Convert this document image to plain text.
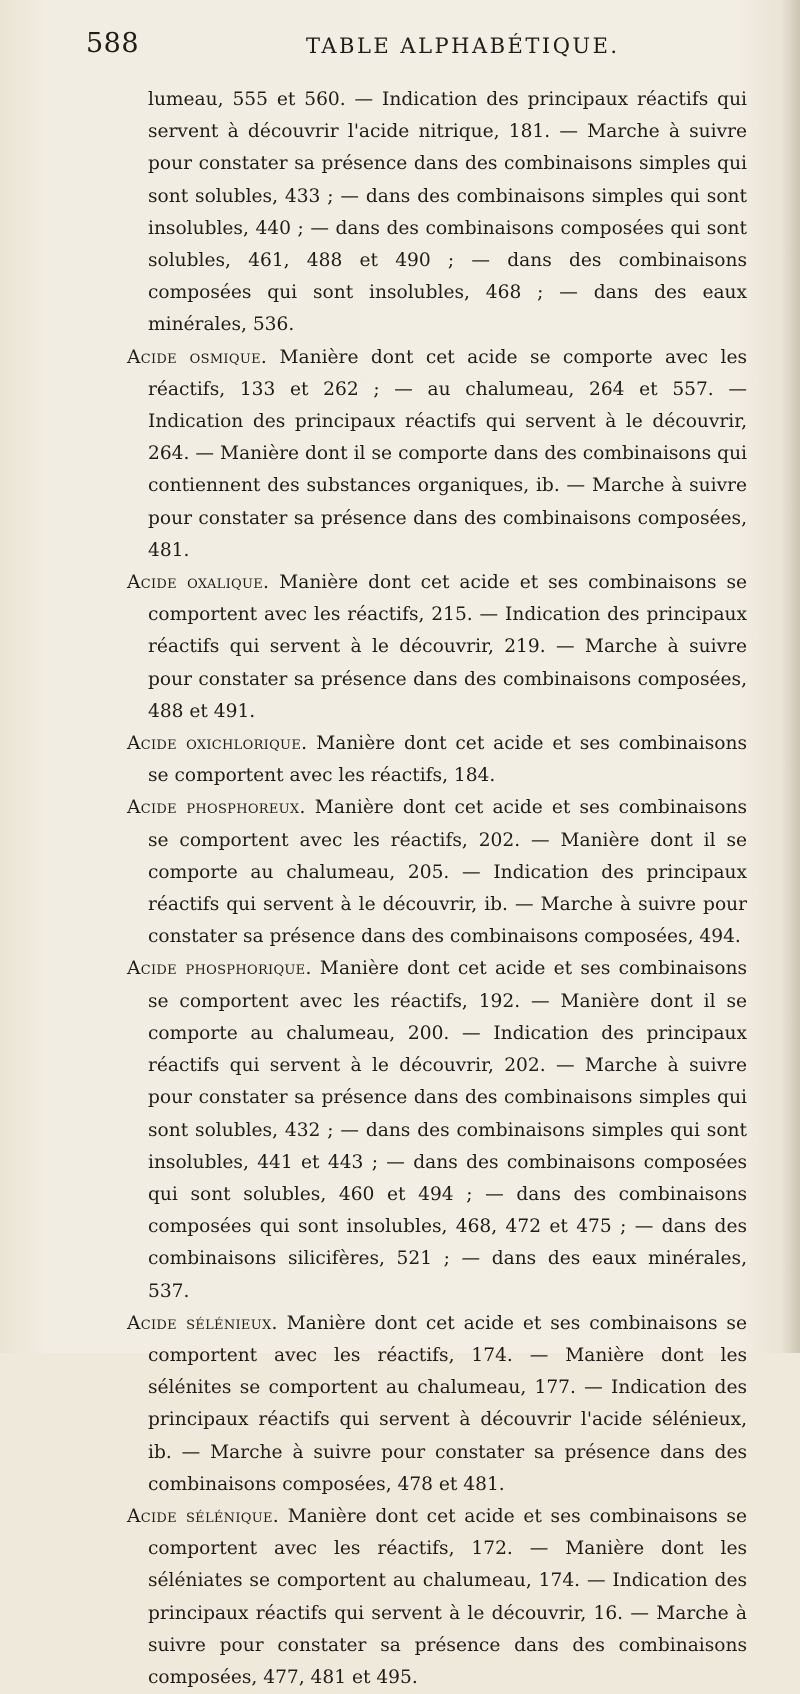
588	TABLE ALPHABÉTIQUE.

lumeau, 555 et 560. — Indication des principaux réactifs qui servent à découvrir l'acide nitrique, 181. — Marche à suivre pour constater sa présence dans des combinaisons simples qui sont solubles, 433 ; — dans des combinaisons simples qui sont insolubles, 440 ; — dans des combinaisons composées qui sont solubles, 461, 488 et 490 ; — dans des combinaisons composées qui sont insolubles, 468 ; — dans des eaux minérales, 536.

Acide osmique. Manière dont cet acide se comporte avec les réactifs, 133 et 262 ; — au chalumeau, 264 et 557. — Indication des principaux réactifs qui servent à le découvrir, 264. — Manière dont il se comporte dans des combinaisons qui contiennent des substances organiques, ib. — Marche à suivre pour constater sa présence dans des combinaisons composées, 481.

Acide oxalique. Manière dont cet acide et ses combinaisons se comportent avec les réactifs, 215. — Indication des principaux réactifs qui servent à le découvrir, 219. — Marche à suivre pour constater sa présence dans des combinaisons composées, 488 et 491.

Acide oxichlorique. Manière dont cet acide et ses combinaisons se comportent avec les réactifs, 184.

Acide phosphoreux. Manière dont cet acide et ses combinaisons se comportent avec les réactifs, 202. — Manière dont il se comporte au chalumeau, 205. — Indication des principaux réactifs qui servent à le découvrir, ib. — Marche à suivre pour constater sa présence dans des combinaisons composées, 494.

Acide phosphorique. Manière dont cet acide et ses combinaisons se comportent avec les réactifs, 192. — Manière dont il se comporte au chalumeau, 200. — Indication des principaux réactifs qui servent à le découvrir, 202. — Marche à suivre pour constater sa présence dans des combinaisons simples qui sont solubles, 432 ; — dans des combinaisons simples qui sont insolubles, 441 et 443 ; — dans des combinaisons composées qui sont solubles, 460 et 494 ; — dans des combinaisons composées qui sont insolubles, 468, 472 et 475 ; — dans des combinaisons silicifères, 521 ; — dans des eaux minérales, 537.

Acide sélénieux. Manière dont cet acide et ses combinaisons se comportent avec les réactifs, 174. — Manière dont les sélénites se comportent au chalumeau, 177. — Indication des principaux réactifs qui servent à découvrir l'acide sélénieux, ib. — Marche à suivre pour constater sa présence dans des combinaisons composées, 478 et 481.

Acide sélénique. Manière dont cet acide et ses combinaisons se comportent avec les réactifs, 172. — Manière dont les séléniates se comportent au chalumeau, 174. — Indication des principaux réactifs qui servent à le découvrir, 16. — Marche à suivre pour constater sa présence dans des combinaisons composées, 477, 481 et 495.
